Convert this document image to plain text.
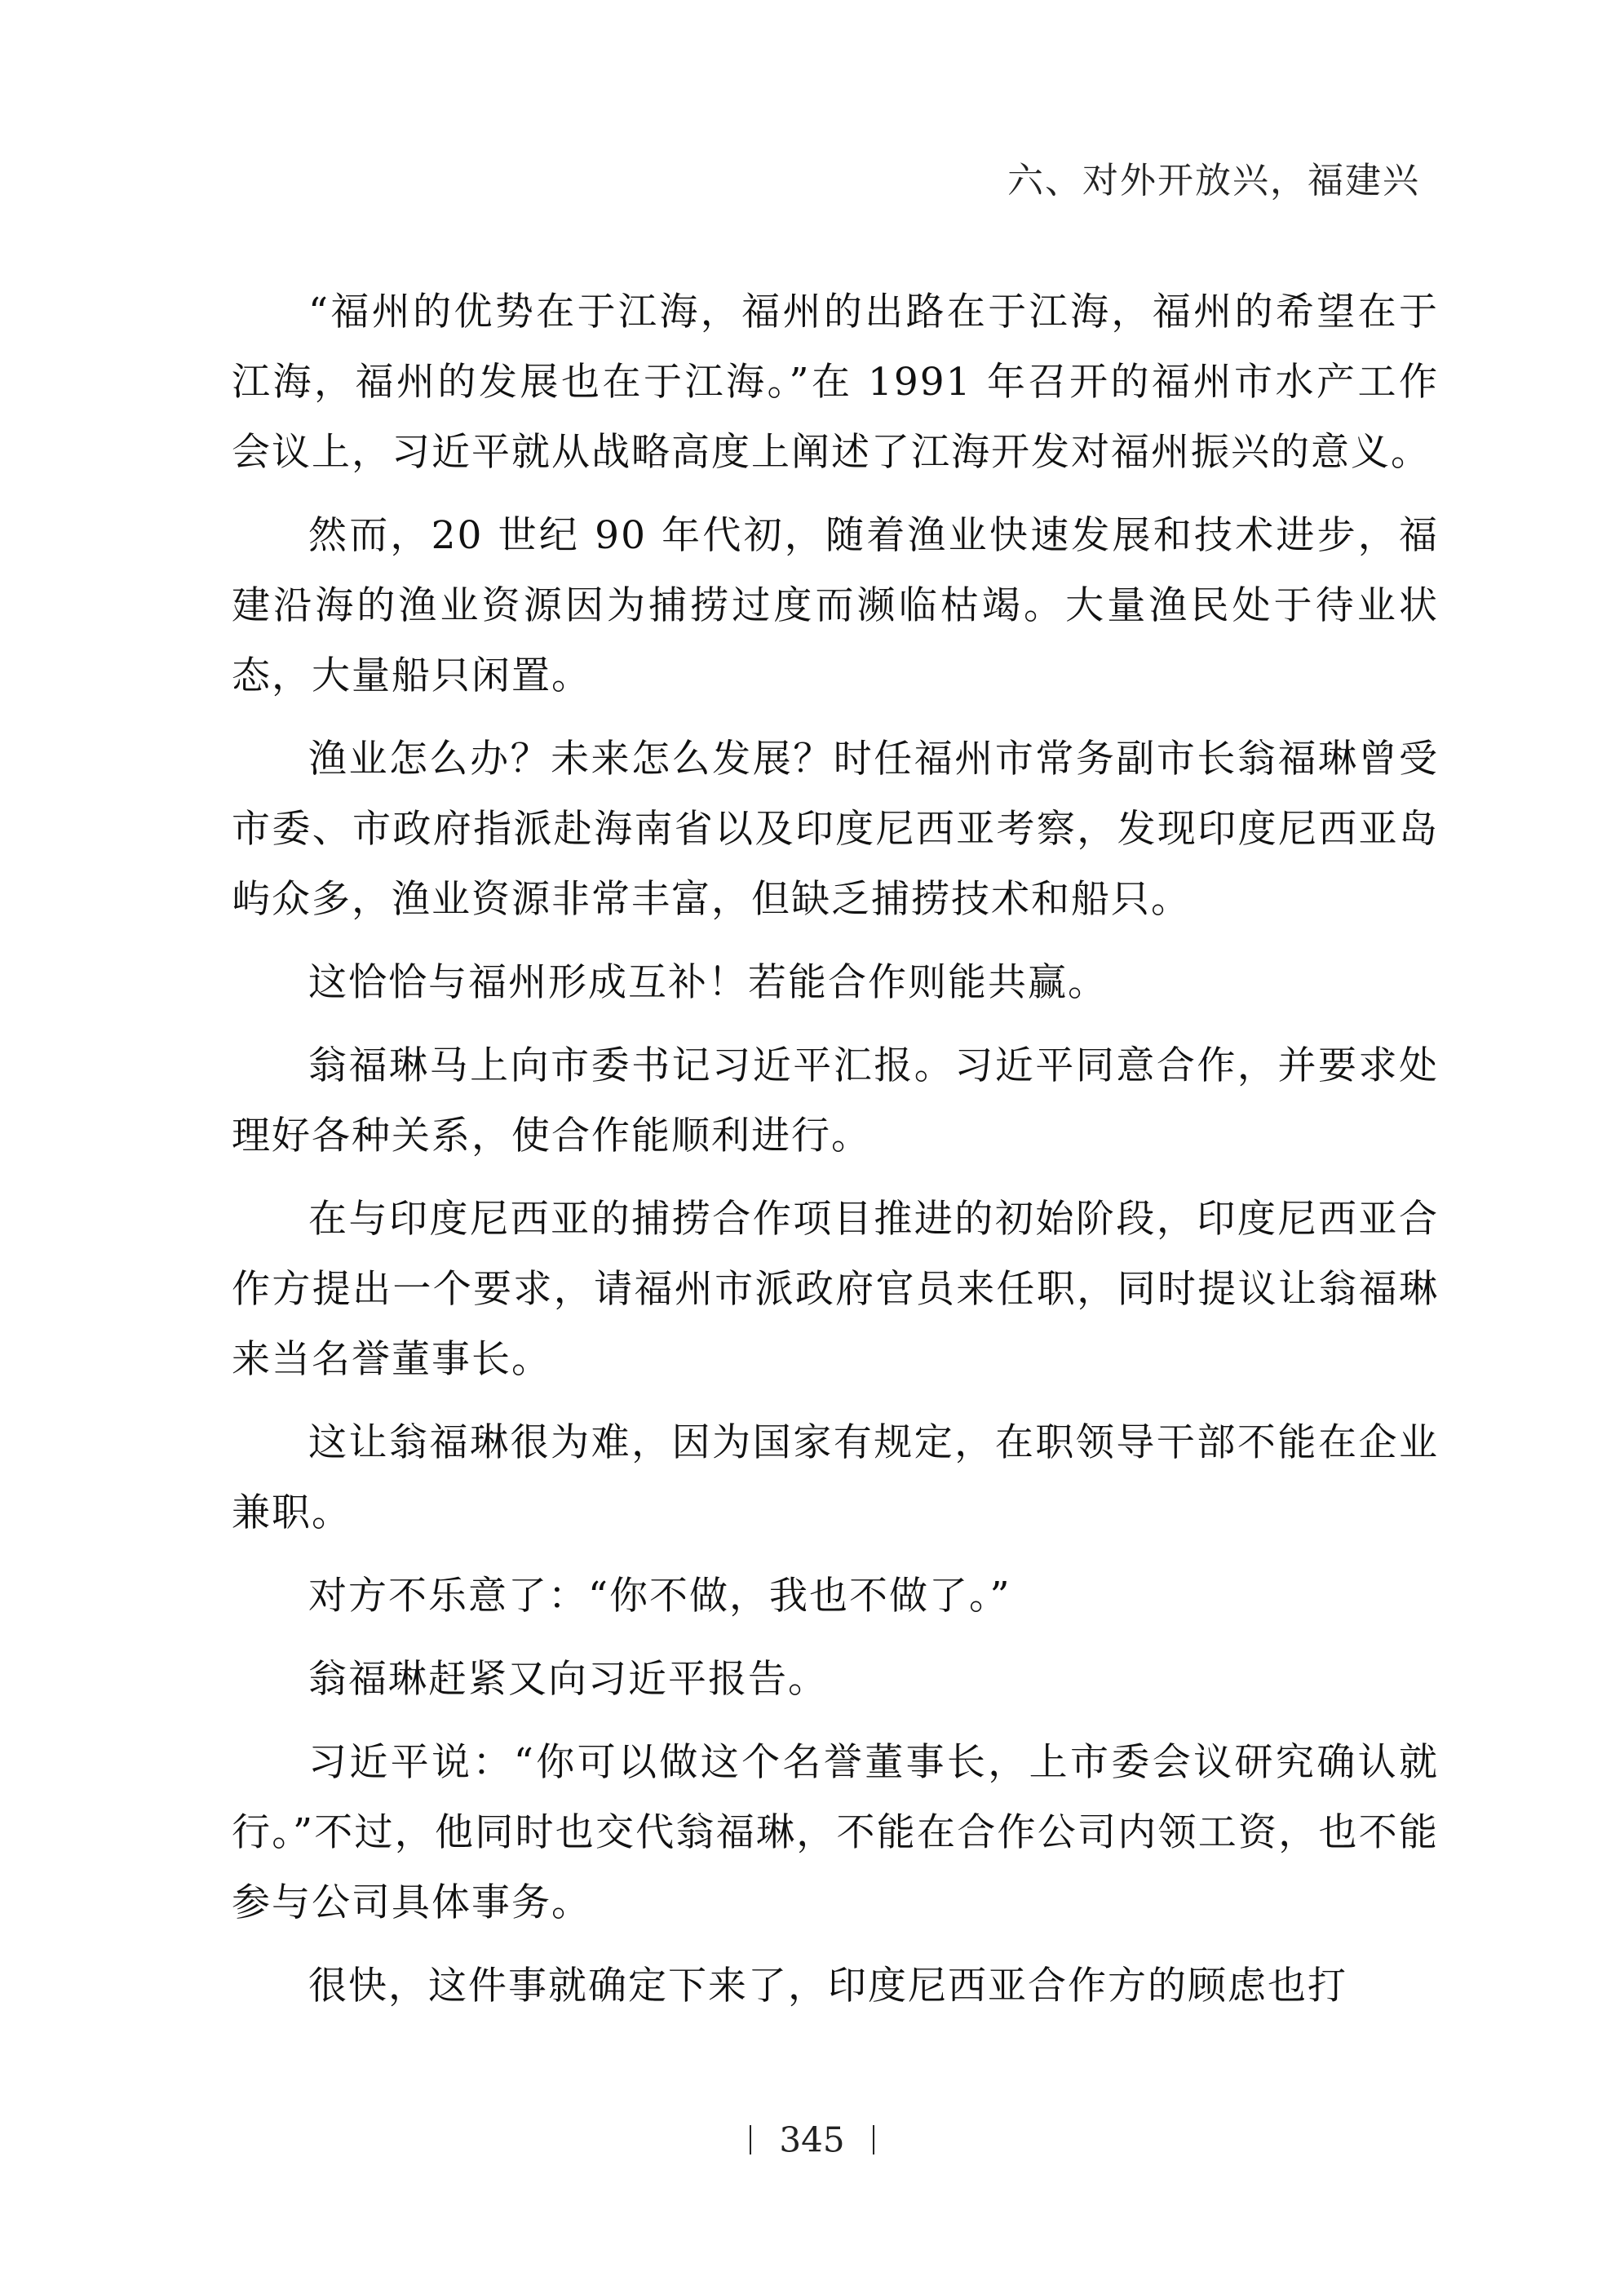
六、对外开放兴，福建兴

“福州的优势在于江海，福州的出路在于江海，福州的希望在于江海，福州的发展也在于江海。”在 1991 年召开的福州市水产工作会议上，习近平就从战略高度上阐述了江海开发对福州振兴的意义。

然而，20 世纪 90 年代初，随着渔业快速发展和技术进步，福建沿海的渔业资源因为捕捞过度而濒临枯竭。大量渔民处于待业状态，大量船只闲置。

渔业怎么办？未来怎么发展？时任福州市常务副市长翁福琳曾受市委、市政府指派赴海南省以及印度尼西亚考察，发现印度尼西亚岛屿众多，渔业资源非常丰富，但缺乏捕捞技术和船只。

这恰恰与福州形成互补！若能合作则能共赢。

翁福琳马上向市委书记习近平汇报。习近平同意合作，并要求处理好各种关系，使合作能顺利进行。

在与印度尼西亚的捕捞合作项目推进的初始阶段，印度尼西亚合作方提出一个要求，请福州市派政府官员来任职，同时提议让翁福琳来当名誉董事长。

这让翁福琳很为难，因为国家有规定，在职领导干部不能在企业兼职。

对方不乐意了：“你不做，我也不做了。”

翁福琳赶紧又向习近平报告。

习近平说：“你可以做这个名誉董事长，上市委会议研究确认就行。”不过，他同时也交代翁福琳，不能在合作公司内领工资，也不能参与公司具体事务。

很快，这件事就确定下来了，印度尼西亚合作方的顾虑也打

345
